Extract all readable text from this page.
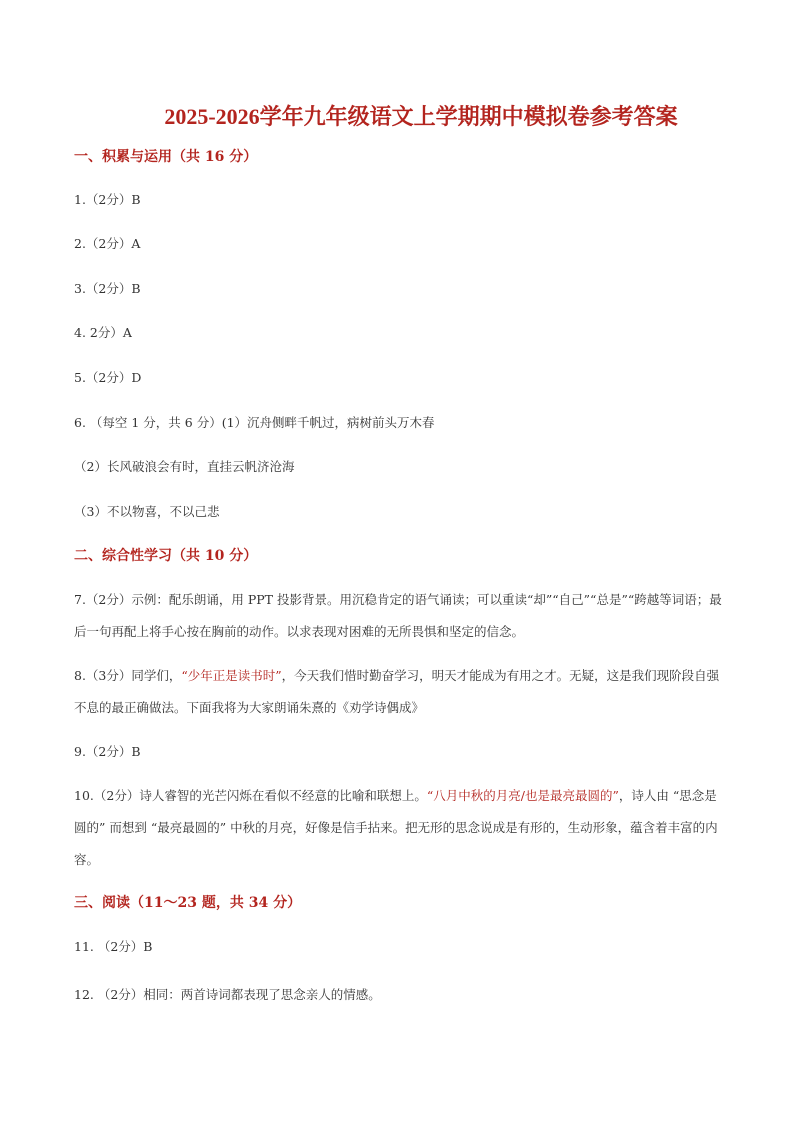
2025-2026学年九年级语文上学期期中模拟卷参考答案
一、积累与运用（共 16 分）
1.（2分）B
2.（2分）A
3.（2分）B
4. 2分）A
5.（2分）D
6. （每空 1 分，共 6 分）(1）沉舟侧畔千帆过，病树前头万木春
（2）长风破浪会有时，直挂云帆济沧海
（3）不以物喜，不以己悲
二、综合性学习（共 10 分）
7.（2分）示例：配乐朗诵，用 PPT 投影背景。用沉稳肯定的语气诵读；可以重读“却”“自己”“总是”“跨越等词语；最后一句再配上将手心按在胸前的动作。以求表现对困难的无所畏惧和坚定的信念。
8.（3分）同学们，“少年正是读书时”，今天我们惜时勤奋学习，明天才能成为有用之才。无疑，这是我们现阶段自强不息的最正确做法。下面我将为大家朗诵朱熹的《劝学诗偶成》
9.（2分）B
10.（2分）诗人睿智的光芒闪烁在看似不经意的比喻和联想上。“八月中秋的月亮/也是最亮最圆的”，诗人由 “思念是圆的” 而想到 “最亮最圆的” 中秋的月亮，好像是信手拈来。把无形的思念说成是有形的，生动形象，蕴含着丰富的内容。
三、阅读（11～23 题，共 34 分）
11. （2分）B
12. （2分）相同：两首诗词都表现了思念亲人的情感。
